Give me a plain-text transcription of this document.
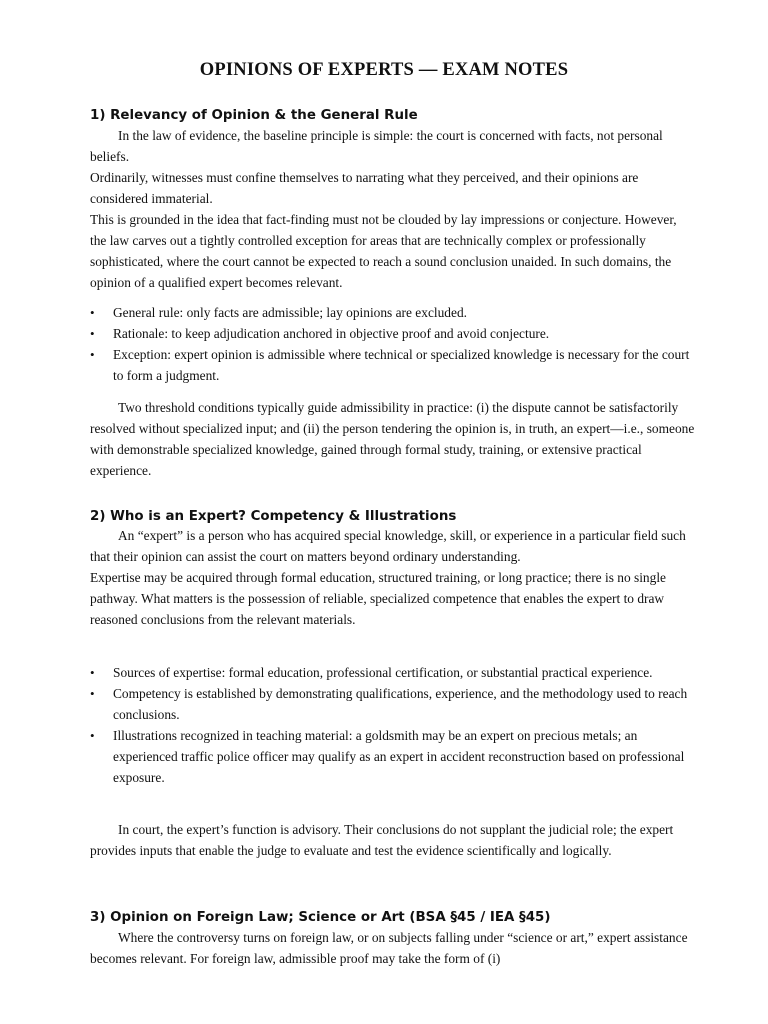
OPINIONS OF EXPERTS — EXAM NOTES
1) Relevancy of Opinion & the General Rule

In the law of evidence, the baseline principle is simple: the court is concerned with facts, not personal beliefs.

Ordinarily, witnesses must confine themselves to narrating what they perceived, and their opinions are considered immaterial.

This is grounded in the idea that fact-finding must not be clouded by lay impressions or conjecture. However, the law carves out a tightly controlled exception for areas that are technically complex or professionally sophisticated, where the court cannot be expected to reach a sound conclusion unaided. In such domains, the opinion of a qualified expert becomes relevant.

• General rule: only facts are admissible; lay opinions are excluded.
• Rationale: to keep adjudication anchored in objective proof and avoid conjecture.
• Exception: expert opinion is admissible where technical or specialized knowledge is necessary for the court to form a judgment.

Two threshold conditions typically guide admissibility in practice: (i) the dispute cannot be satisfactorily resolved without specialized input; and (ii) the person tendering the opinion is, in truth, an expert—i.e., someone with demonstrable specialized knowledge, gained through formal study, training, or extensive practical experience.

2) Who is an Expert? Competency & Illustrations

An “expert” is a person who has acquired special knowledge, skill, or experience in a particular field such that their opinion can assist the court on matters beyond ordinary understanding.

Expertise may be acquired through formal education, structured training, or long practice; there is no single pathway. What matters is the possession of reliable, specialized competence that enables the expert to draw reasoned conclusions from the relevant materials.

• Sources of expertise: formal education, professional certification, or substantial practical experience.
• Competency is established by demonstrating qualifications, experience, and the methodology used to reach conclusions.
• Illustrations recognized in teaching material: a goldsmith may be an expert on precious metals; an experienced traffic police officer may qualify as an expert in accident reconstruction based on professional exposure.

In court, the expert’s function is advisory. Their conclusions do not supplant the judicial role; the expert provides inputs that enable the judge to evaluate and test the evidence scientifically and logically.

3) Opinion on Foreign Law; Science or Art (BSA §45 / IEA §45)

Where the controversy turns on foreign law, or on subjects falling under “science or art,” expert assistance becomes relevant. For foreign law, admissible proof may take the form of (i)
